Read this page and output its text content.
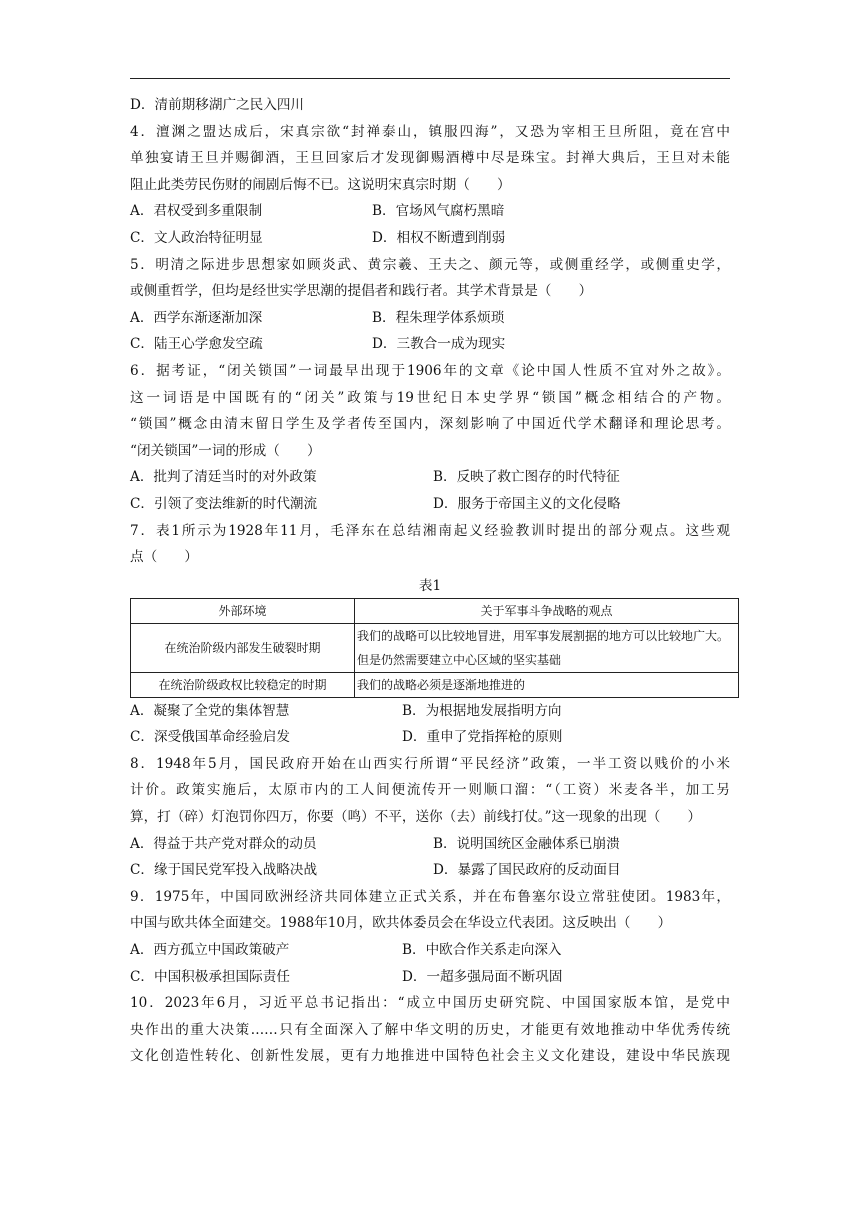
D．清前期移湖广之民入四川

4．澶渊之盟达成后，宋真宗欲“封禅泰山，镇服四海”，又恐为宰相王旦所阻，竟在宫中

单独宴请王旦并赐御酒，王旦回家后才发现御赐酒樽中尽是珠宝。封禅大典后，王旦对未能

阻止此类劳民伤财的闹剧后悔不已。这说明宋真宗时期（　　）

A．君权受到多重限制	B．官场风气腐朽黑暗
C．文人政治特征明显	D．相权不断遭到削弱

5．明清之际进步思想家如顾炎武、黄宗羲、王夫之、颜元等，或侧重经学，或侧重史学，

或侧重哲学，但均是经世实学思潮的提倡者和践行者。其学术背景是（　　）

A．西学东渐逐渐加深	B．程朱理学体系烦琐
C．陆王心学愈发空疏	D．三教合一成为现实

6．据考证，“闭关锁国”一词最早出现于1906年的文章《论中国人性质不宜对外之故》。

这一词语是中国既有的“闭关”政策与19世纪日本史学界“锁国”概念相结合的产物。

“锁国”概念由清末留日学生及学者传至国内，深刻影响了中国近代学术翻译和理论思考。

“闭关锁国”一词的形成（　　）

A．批判了清廷当时的对外政策	B．反映了救亡图存的时代特征
C．引领了变法维新的时代潮流	D．服务于帝国主义的文化侵略

7．表1所示为1928年11月，毛泽东在总结湘南起义经验教训时提出的部分观点。这些观

点（　　）

表1

外部环境	关于军事斗争战略的观点
在统治阶级内部发生破裂时期	我们的战略可以比较地冒进，用军事发展割据的地方可以比较地广大。但是仍然需要建立中心区域的坚实基础
在统治阶级政权比较稳定的时期	我们的战略必须是逐渐地推进的
A．凝聚了全党的集体智慧	B．为根据地发展指明方向
C．深受俄国革命经验启发	D．重申了党指挥枪的原则

8．1948年5月，国民政府开始在山西实行所谓“平民经济”政策，一半工资以贱价的小米

计价。政策实施后，太原市内的工人间便流传开一则顺口溜：“（工资）米麦各半，加工另

算，打（碎）灯泡罚你四万，你要（鸣）不平，送你（去）前线打仗。”这一现象的出现（　　）

A．得益于共产党对群众的动员	B．说明国统区金融体系已崩溃
C．缘于国民党军投入战略决战	D．暴露了国民政府的反动面目

9．1975年，中国同欧洲经济共同体建立正式关系，并在布鲁塞尔设立常驻使团。1983年，

中国与欧共体全面建交。1988年10月，欧共体委员会在华设立代表团。这反映出（　　）

A．西方孤立中国政策破产	B．中欧合作关系走向深入
C．中国积极承担国际责任	D．一超多强局面不断巩固

10．2023年6月，习近平总书记指出：“成立中国历史研究院、中国国家版本馆，是党中

央作出的重大决策……只有全面深入了解中华文明的历史，才能更有效地推动中华优秀传统

文化创造性转化、创新性发展，更有力地推进中国特色社会主义文化建设，建设中华民族现
